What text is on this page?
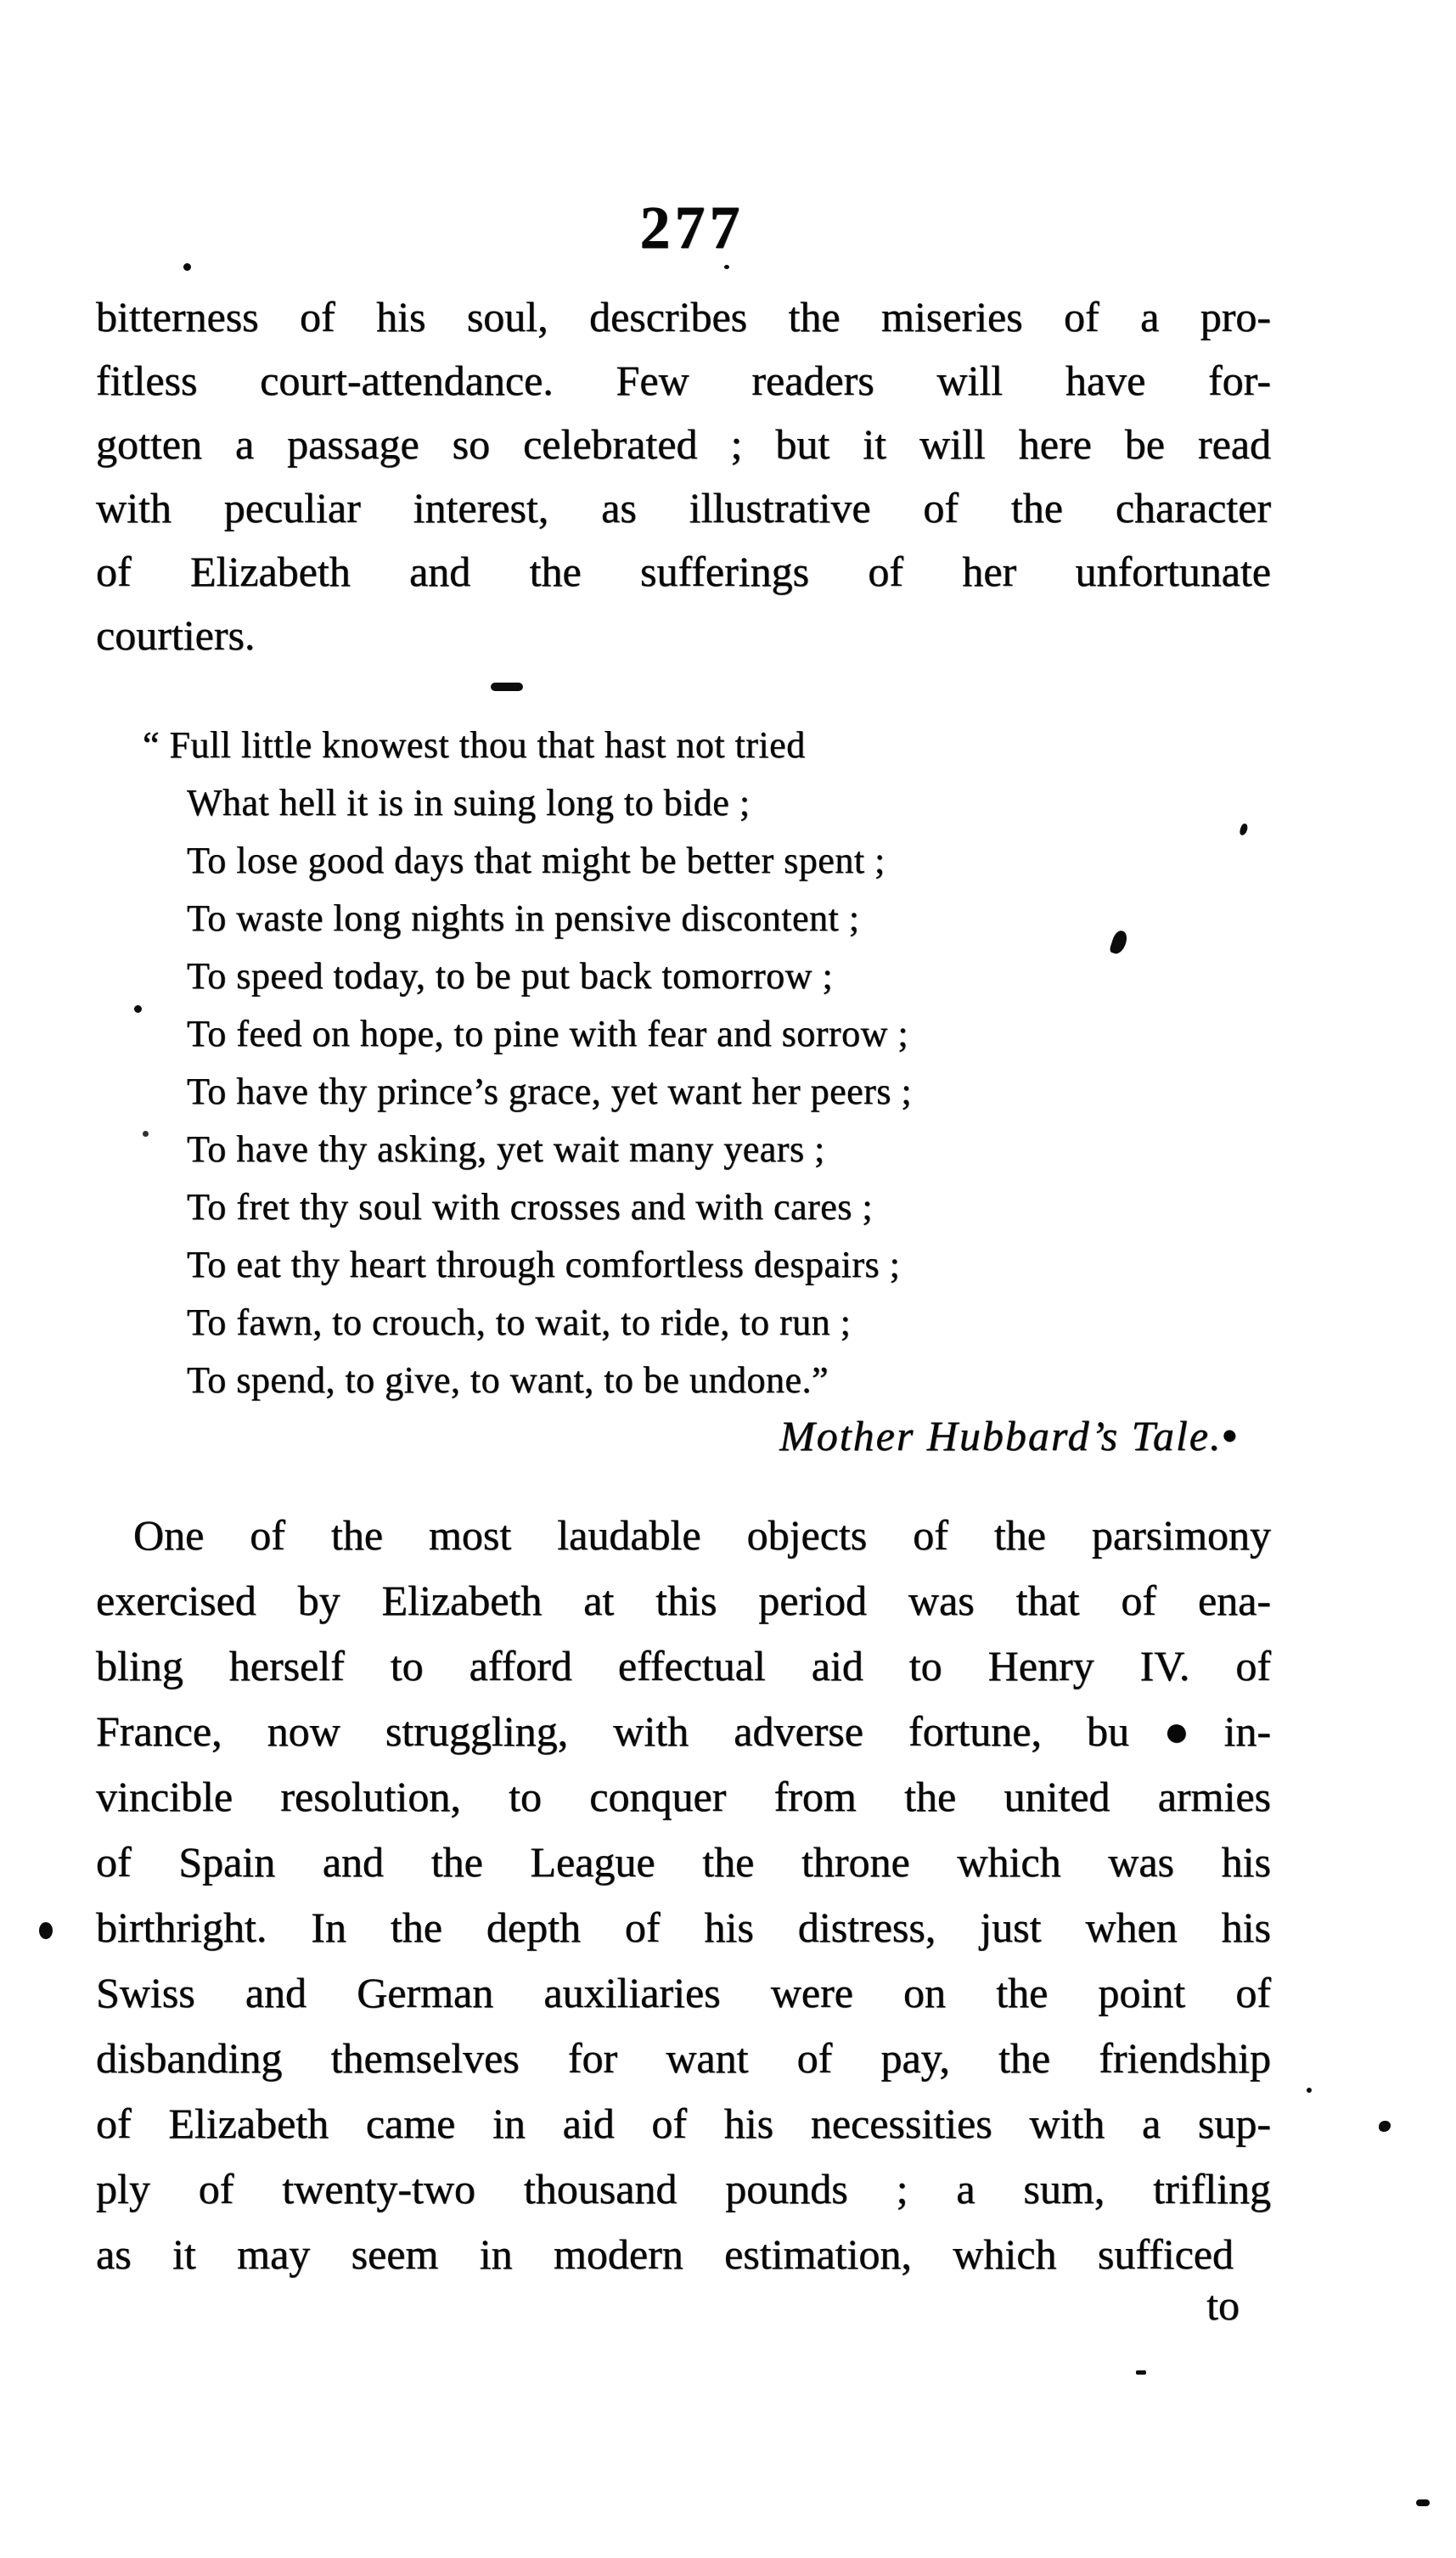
277
bitterness of his soul, describes the miseries of a pro-
fitless court-attendance. Few readers will have for-
gotten a passage so celebrated ; but it will here be read
with peculiar interest, as illustrative of the character
of Elizabeth and the sufferings of her unfortunate
courtiers.
“ Full little knowest thou that hast not tried
What hell it is in suing long to bide ;
To lose good days that might be better spent ;
To waste long nights in pensive discontent ;
To speed today, to be put back tomorrow ;
To feed on hope, to pine with fear and sorrow ;
To have thy prince’s grace, yet want her peers ;
To have thy asking, yet wait many years ;
To fret thy soul with crosses and with cares ;
To eat thy heart through comfortless despairs ;
To fawn, to crouch, to wait, to ride, to run ;
To spend, to give, to want, to be undone.”
Mother Hubbard’s Tale.•
One of the most laudable objects of the parsimony
exercised by Elizabeth at this period was that of ena-
bling herself to afford effectual aid to Henry IV. of
France, now struggling, with adverse fortune, bu●in-
vincible resolution, to conquer from the united armies
of Spain and the League the throne which was his
birthright. In the depth of his distress, just when his
Swiss and German auxiliaries were on the point of
disbanding themselves for want of pay, the friendship
of Elizabeth came in aid of his necessities with a sup-
ply of twenty-two thousand pounds ; a sum, trifling
as it may seem in modern estimation, which sufficed
to
